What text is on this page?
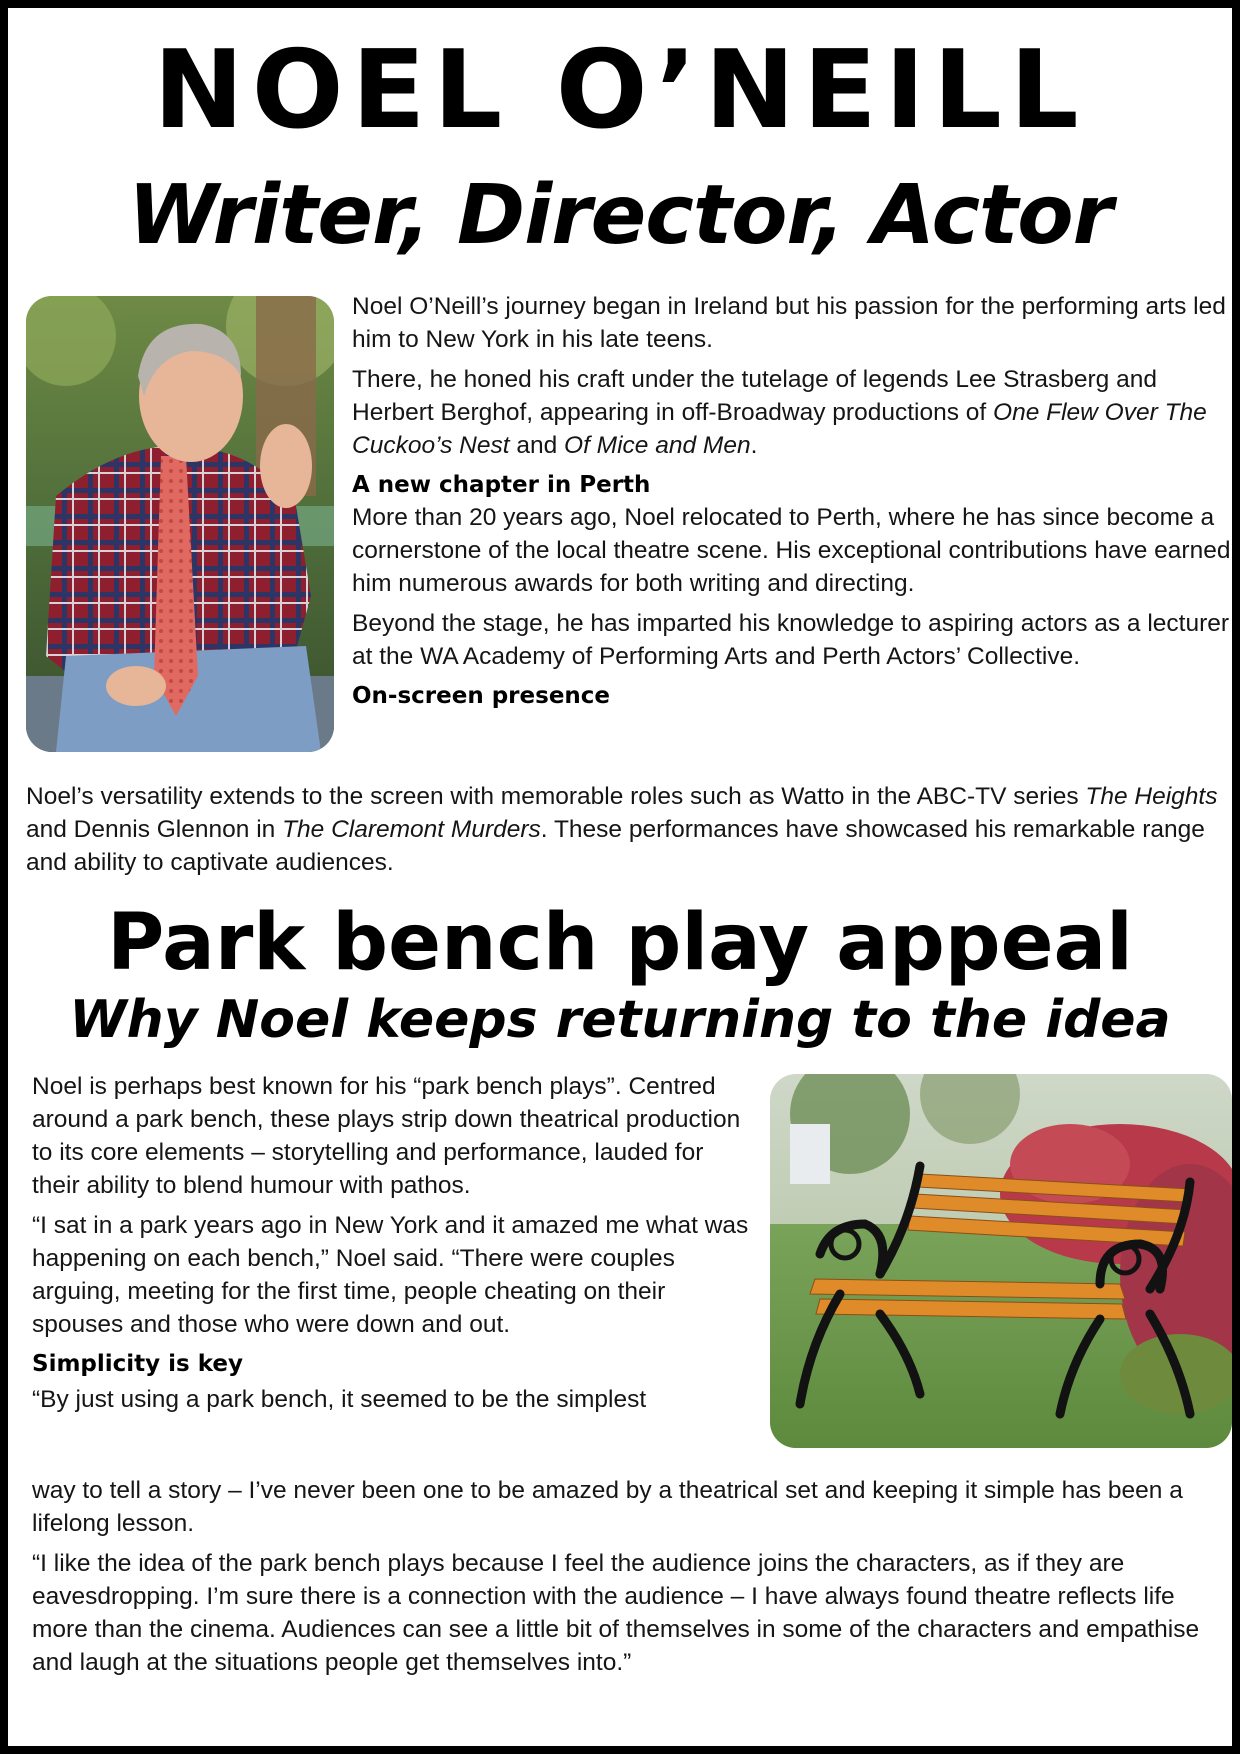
NOEL O’NEILL
Writer, Director, Actor

Noel O’Neill’s journey began in Ireland but his passion for the performing arts led him to New York in his late teens.

There, he honed his craft under the tutelage of legends Lee Strasberg and Herbert Berghof, appearing in off-Broadway productions of One Flew Over The Cuckoo’s Nest and Of Mice and Men.

A new chapter in Perth

More than 20 years ago, Noel relocated to Perth, where he has since become a cornerstone of the local theatre scene. His exceptional contributions have earned him numerous awards for both writing and directing.

Beyond the stage, he has imparted his knowledge to aspiring actors as a lecturer at the WA Academy of Performing Arts and Perth Actors’ Collective.

On-screen presence

Noel’s versatility extends to the screen with memorable roles such as Watto in the ABC-TV series The Heights and Dennis Glennon in The Claremont Murders. These performances have showcased his remarkable range and ability to captivate audiences.

Park bench play appeal
Why Noel keeps returning to the idea

Noel is perhaps best known for his “park bench plays”. Centred around a park bench, these plays strip down theatrical production to its core elements – storytelling and performance, lauded for their ability to blend humour with pathos.

“I sat in a park years ago in New York and it amazed me what was happening on each bench,” Noel said. “There were couples arguing, meeting for the first time, people cheating on their spouses and those who were down and out.

Simplicity is key

“By just using a park bench, it seemed to be the simplest

way to tell a story – I’ve never been one to be amazed by a theatrical set and keeping it simple has been a lifelong lesson.

“I like the idea of the park bench plays because I feel the audience joins the characters, as if they are eavesdropping. I’m sure there is a connection with the audience – I have always found theatre reflects life more than the cinema. Audiences can see a little bit of themselves in some of the characters and empathise and laugh at the situations people get themselves into.”
